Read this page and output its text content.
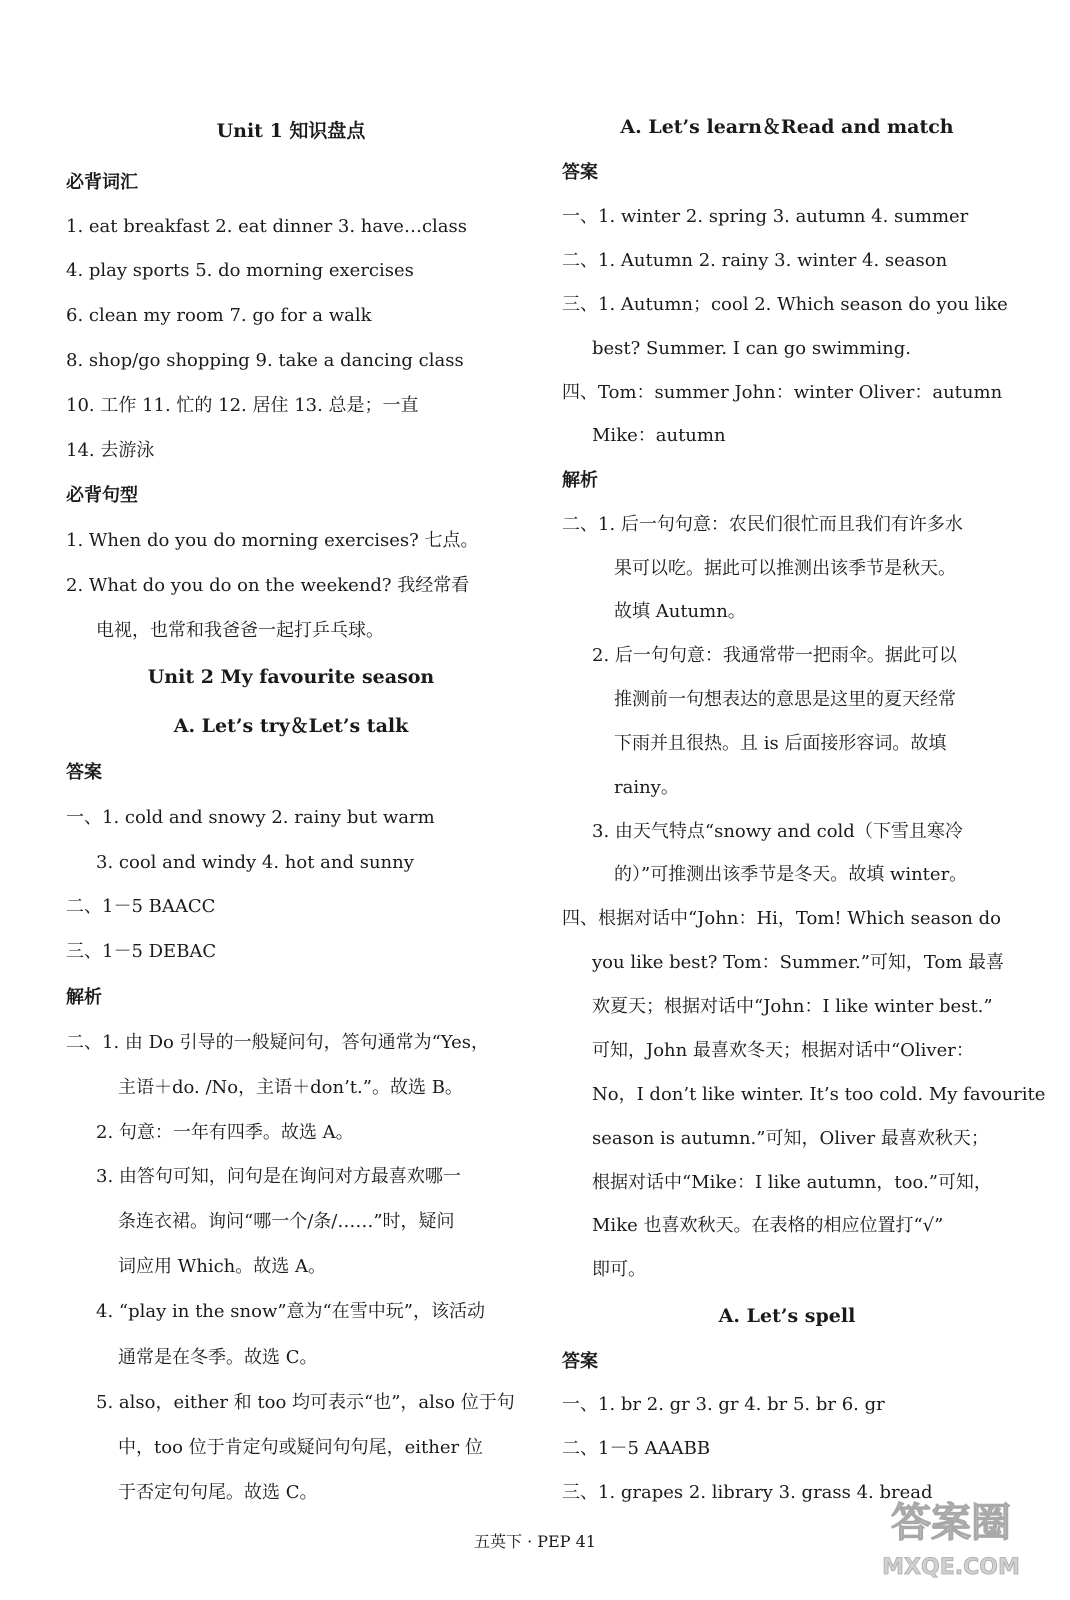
Unit 1 知识盘点
必背词汇
1. eat breakfast 2. eat dinner 3. have…class
4. play sports 5. do morning exercises
6. clean my room 7. go for a walk
8. shop/go shopping 9. take a dancing class
10. 工作 11. 忙的 12. 居住 13. 总是；一直
14. 去游泳
必背句型
1. When do you do morning exercises? 七点。
2. What do you do on the weekend? 我经常看
电视，也常和我爸爸一起打乒乓球。
Unit 2 My favourite season
A. Let’s try＆Let’s talk
答案
一、1. cold and snowy 2. rainy but warm
3. cool and windy 4. hot and sunny
二、1－5 BAACC
三、1－5 DEBAC
解析
二、1. 由 Do 引导的一般疑问句，答句通常为“Yes，
主语＋do. /No，主语＋don’t.”。故选 B。
2. 句意：一年有四季。故选 A。
3. 由答句可知，问句是在询问对方最喜欢哪一
条连衣裙。询问“哪一个/条/……”时，疑问
词应用 Which。故选 A。
4. “play in the snow”意为“在雪中玩”，该活动
通常是在冬季。故选 C。
5. also，either 和 too 均可表示“也”，also 位于句
中，too 位于肯定句或疑问句句尾，either 位
于否定句句尾。故选 C。
A. Let’s learn＆Read and match
答案
一、1. winter 2. spring 3. autumn 4. summer
二、1. Autumn 2. rainy 3. winter 4. season
三、1. Autumn；cool 2. Which season do you like
best? Summer. I can go swimming.
四、Tom：summer John：winter Oliver：autumn
Mike：autumn
解析
二、1. 后一句句意：农民们很忙而且我们有许多水
果可以吃。据此可以推测出该季节是秋天。
故填 Autumn。
2. 后一句句意：我通常带一把雨伞。据此可以
推测前一句想表达的意思是这里的夏天经常
下雨并且很热。且 is 后面接形容词。故填
rainy。
3. 由天气特点“snowy and cold（下雪且寒冷
的）”可推测出该季节是冬天。故填 winter。
四、根据对话中“John：Hi，Tom! Which season do
you like best? Tom：Summer.”可知，Tom 最喜
欢夏天；根据对话中“John：I like winter best.”
可知，John 最喜欢冬天；根据对话中“Oliver：
No，I don’t like winter. It’s too cold. My favourite
season is autumn.”可知，Oliver 最喜欢秋天；
根据对话中“Mike：I like autumn，too.”可知，
Mike 也喜欢秋天。在表格的相应位置打“√”
即可。
A. Let’s spell
答案
一、1. br 2. gr 3. gr 4. br 5. br 6. gr
二、1－5 AAABB
三、1. grapes 2. library 3. grass 4. bread
五英下 · PEP 41	答案圈
MXQE.COM
